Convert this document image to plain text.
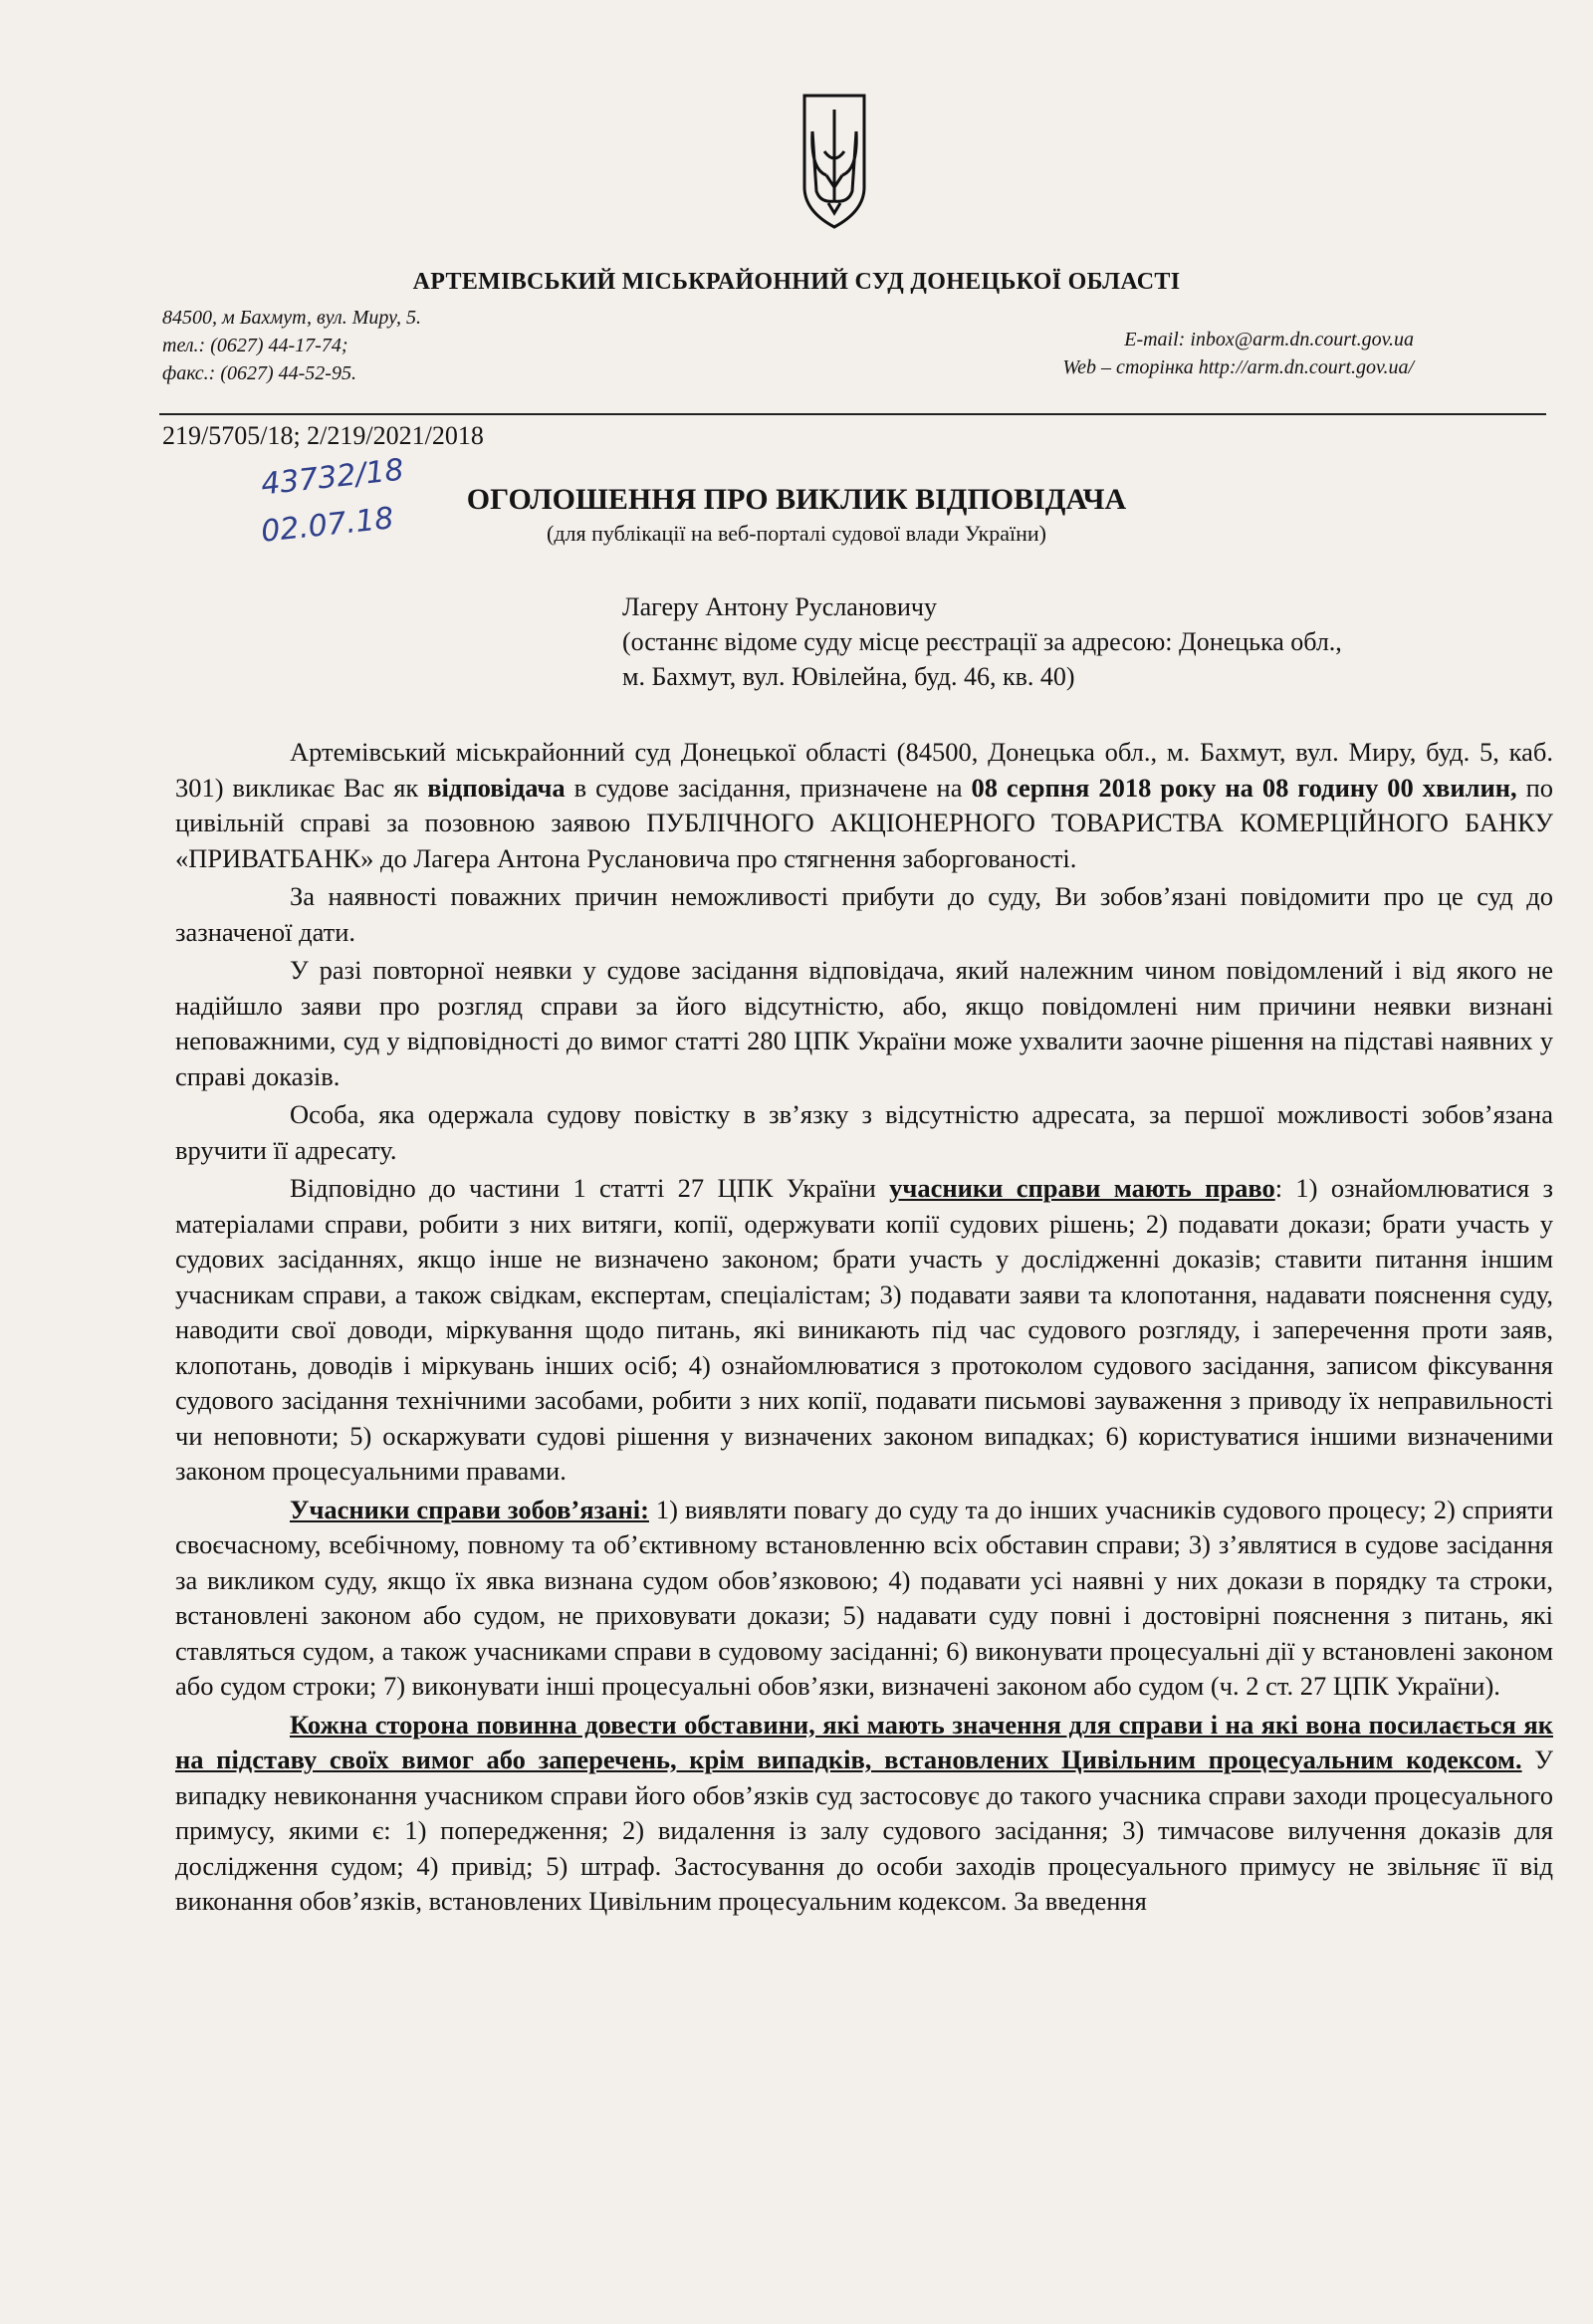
АРТЕМІВСЬКИЙ МІСЬКРАЙОННИЙ СУД ДОНЕЦЬКОЇ ОБЛАСТІ
84500, м Бахмут, вул. Миру, 5.
тел.: (0627) 44-17-74;
факс.: (0627) 44-52-95.
E-mail: inbox@arm.dn.court.gov.ua
Web – сторінка http://arm.dn.court.gov.ua/
219/5705/18; 2/219/2021/2018
43732/18
02.07.18
ОГОЛОШЕННЯ ПРО ВИКЛИК ВІДПОВІДАЧА
(для публікації на веб-порталі судової влади України)
Лагеру Антону Руслановичу
(останнє відоме суду місце реєстрації за адресою: Донецька обл.,
м. Бахмут, вул. Ювілейна, буд. 46, кв. 40)

Артемівський міськрайонний суд Донецької області (84500, Донецька обл., м. Бахмут, вул. Миру, буд. 5, каб. 301) викликає Вас як відповідача в судове засідання, призначене на 08 серпня 2018 року на 08 годину 00 хвилин, по цивільній справі за позовною заявою ПУБЛІЧНОГО АКЦІОНЕРНОГО ТОВАРИСТВА КОМЕРЦІЙНОГО БАНКУ «ПРИВАТБАНК» до Лагера Антона Руслановича про стягнення заборгованості.

За наявності поважних причин неможливості прибути до суду, Ви зобов’язані повідомити про це суд до зазначеної дати.

У разі повторної неявки у судове засідання відповідача, який належним чином повідомлений і від якого не надійшло заяви про розгляд справи за його відсутністю, або, якщо повідомлені ним причини неявки визнані неповажними, суд у відповідності до вимог статті 280 ЦПК України може ухвалити заочне рішення на підставі наявних у справі доказів.

Особа, яка одержала судову повістку в зв’язку з відсутністю адресата, за першої можливості зобов’язана вручити її адресату.

Відповідно до частини 1 статті 27 ЦПК України учасники справи мають право: 1) ознайомлюватися з матеріалами справи, робити з них витяги, копії, одержувати копії судових рішень; 2) подавати докази; брати участь у судових засіданнях, якщо інше не визначено законом; брати участь у дослідженні доказів; ставити питання іншим учасникам справи, а також свідкам, експертам, спеціалістам; 3) подавати заяви та клопотання, надавати пояснення суду, наводити свої доводи, міркування щодо питань, які виникають під час судового розгляду, і заперечення проти заяв, клопотань, доводів і міркувань інших осіб; 4) ознайомлюватися з протоколом судового засідання, записом фіксування судового засідання технічними засобами, робити з них копії, подавати письмові зауваження з приводу їх неправильності чи неповноти; 5) оскаржувати судові рішення у визначених законом випадках; 6) користуватися іншими визначеними законом процесуальними правами.

Учасники справи зобов’язані: 1) виявляти повагу до суду та до інших учасників судового процесу; 2) сприяти своєчасному, всебічному, повному та об’єктивному встановленню всіх обставин справи; 3) з’являтися в судове засідання за викликом суду, якщо їх явка визнана судом обов’язковою; 4) подавати усі наявні у них докази в порядку та строки, встановлені законом або судом, не приховувати докази; 5) надавати суду повні і достовірні пояснення з питань, які ставляться судом, а також учасниками справи в судовому засіданні; 6) виконувати процесуальні дії у встановлені законом або судом строки; 7) виконувати інші процесуальні обов’язки, визначені законом або судом (ч. 2 ст. 27 ЦПК України).

Кожна сторона повинна довести обставини, які мають значення для справи і на які вона посилається як на підставу своїх вимог або заперечень, крім випадків, встановлених Цивільним процесуальним кодексом. У випадку невиконання учасником справи його обов’язків суд застосовує до такого учасника справи заходи процесуального примусу, якими є: 1) попередження; 2) видалення із залу судового засідання; 3) тимчасове вилучення доказів для дослідження судом; 4) привід; 5) штраф. Застосування до особи заходів процесуального примусу не звільняє її від виконання обов’язків, встановлених Цивільним процесуальним кодексом. За введення
